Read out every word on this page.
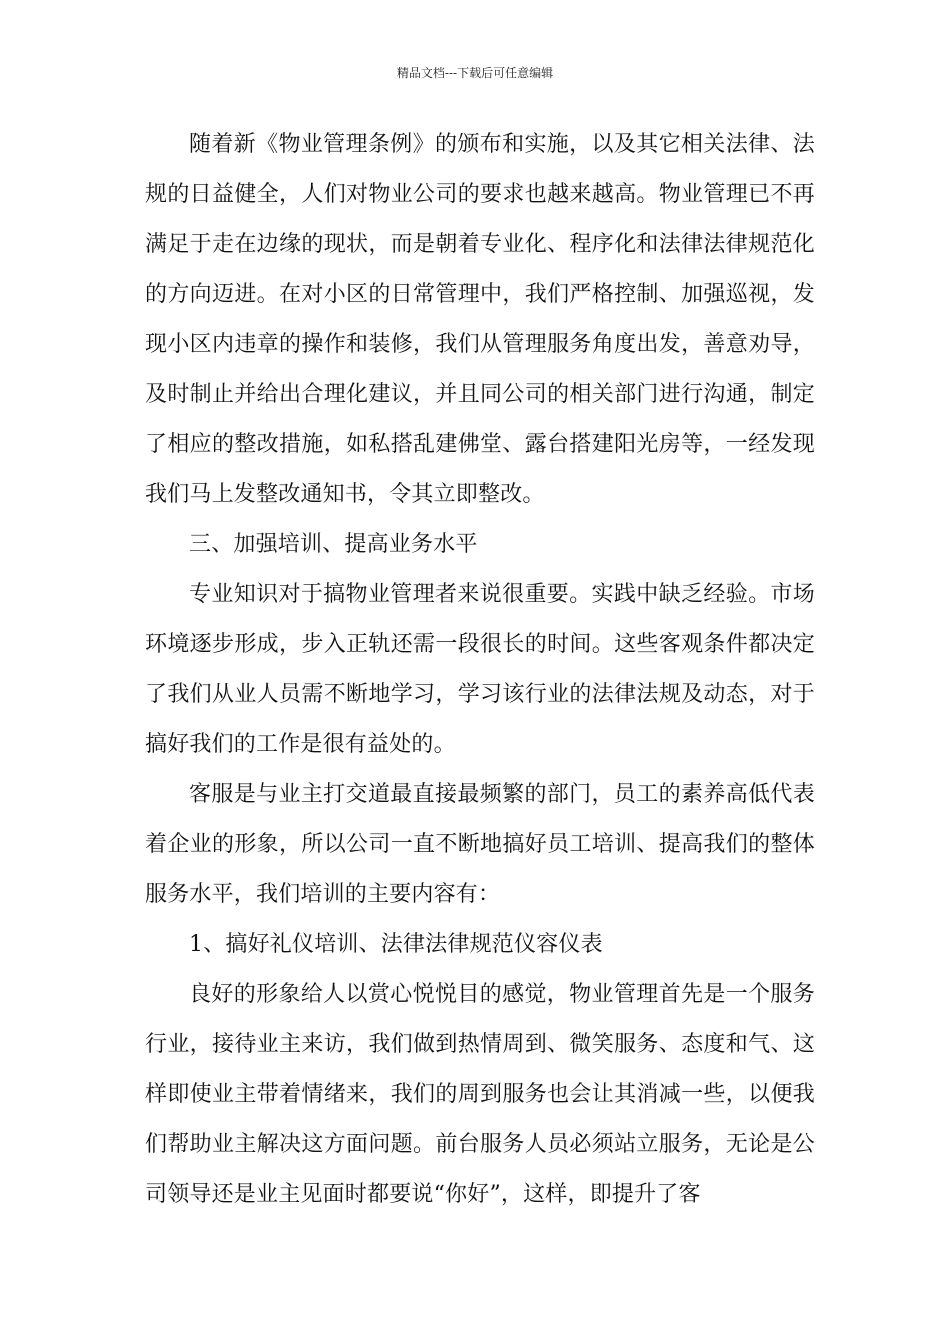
精品文档---下载后可任意编辑

随着新《物业管理条例》的颁布和实施，以及其它相关法律、法规的日益健全，人们对物业公司的要求也越来越高。物业管理已不再满足于走在边缘的现状，而是朝着专业化、程序化和法律法律规范化的方向迈进。在对小区的日常管理中，我们严格控制、加强巡视，发现小区内违章的操作和装修，我们从管理服务角度出发，善意劝导，及时制止并给出合理化建议，并且同公司的相关部门进行沟通，制定了相应的整改措施，如私搭乱建佛堂、露台搭建阳光房等，一经发现我们马上发整改通知书，令其立即整改。

三、加强培训、提高业务水平

专业知识对于搞物业管理者来说很重要。实践中缺乏经验。市场环境逐步形成，步入正轨还需一段很长的时间。这些客观条件都决定了我们从业人员需不断地学习，学习该行业的法律法规及动态，对于搞好我们的工作是很有益处的。

客服是与业主打交道最直接最频繁的部门，员工的素养高低代表着企业的形象，所以公司一直不断地搞好员工培训、提高我们的整体服务水平，我们培训的主要内容有：

1、搞好礼仪培训、法律法律规范仪容仪表

良好的形象给人以赏心悦悦目的感觉，物业管理首先是一个服务行业，接待业主来访，我们做到热情周到、微笑服务、态度和气、这样即使业主带着情绪来，我们的周到服务也会让其消减一些，以便我们帮助业主解决这方面问题。前台服务人员必须站立服务，无论是公司领导还是业主见面时都要说“你好”，这样，即提升了客
